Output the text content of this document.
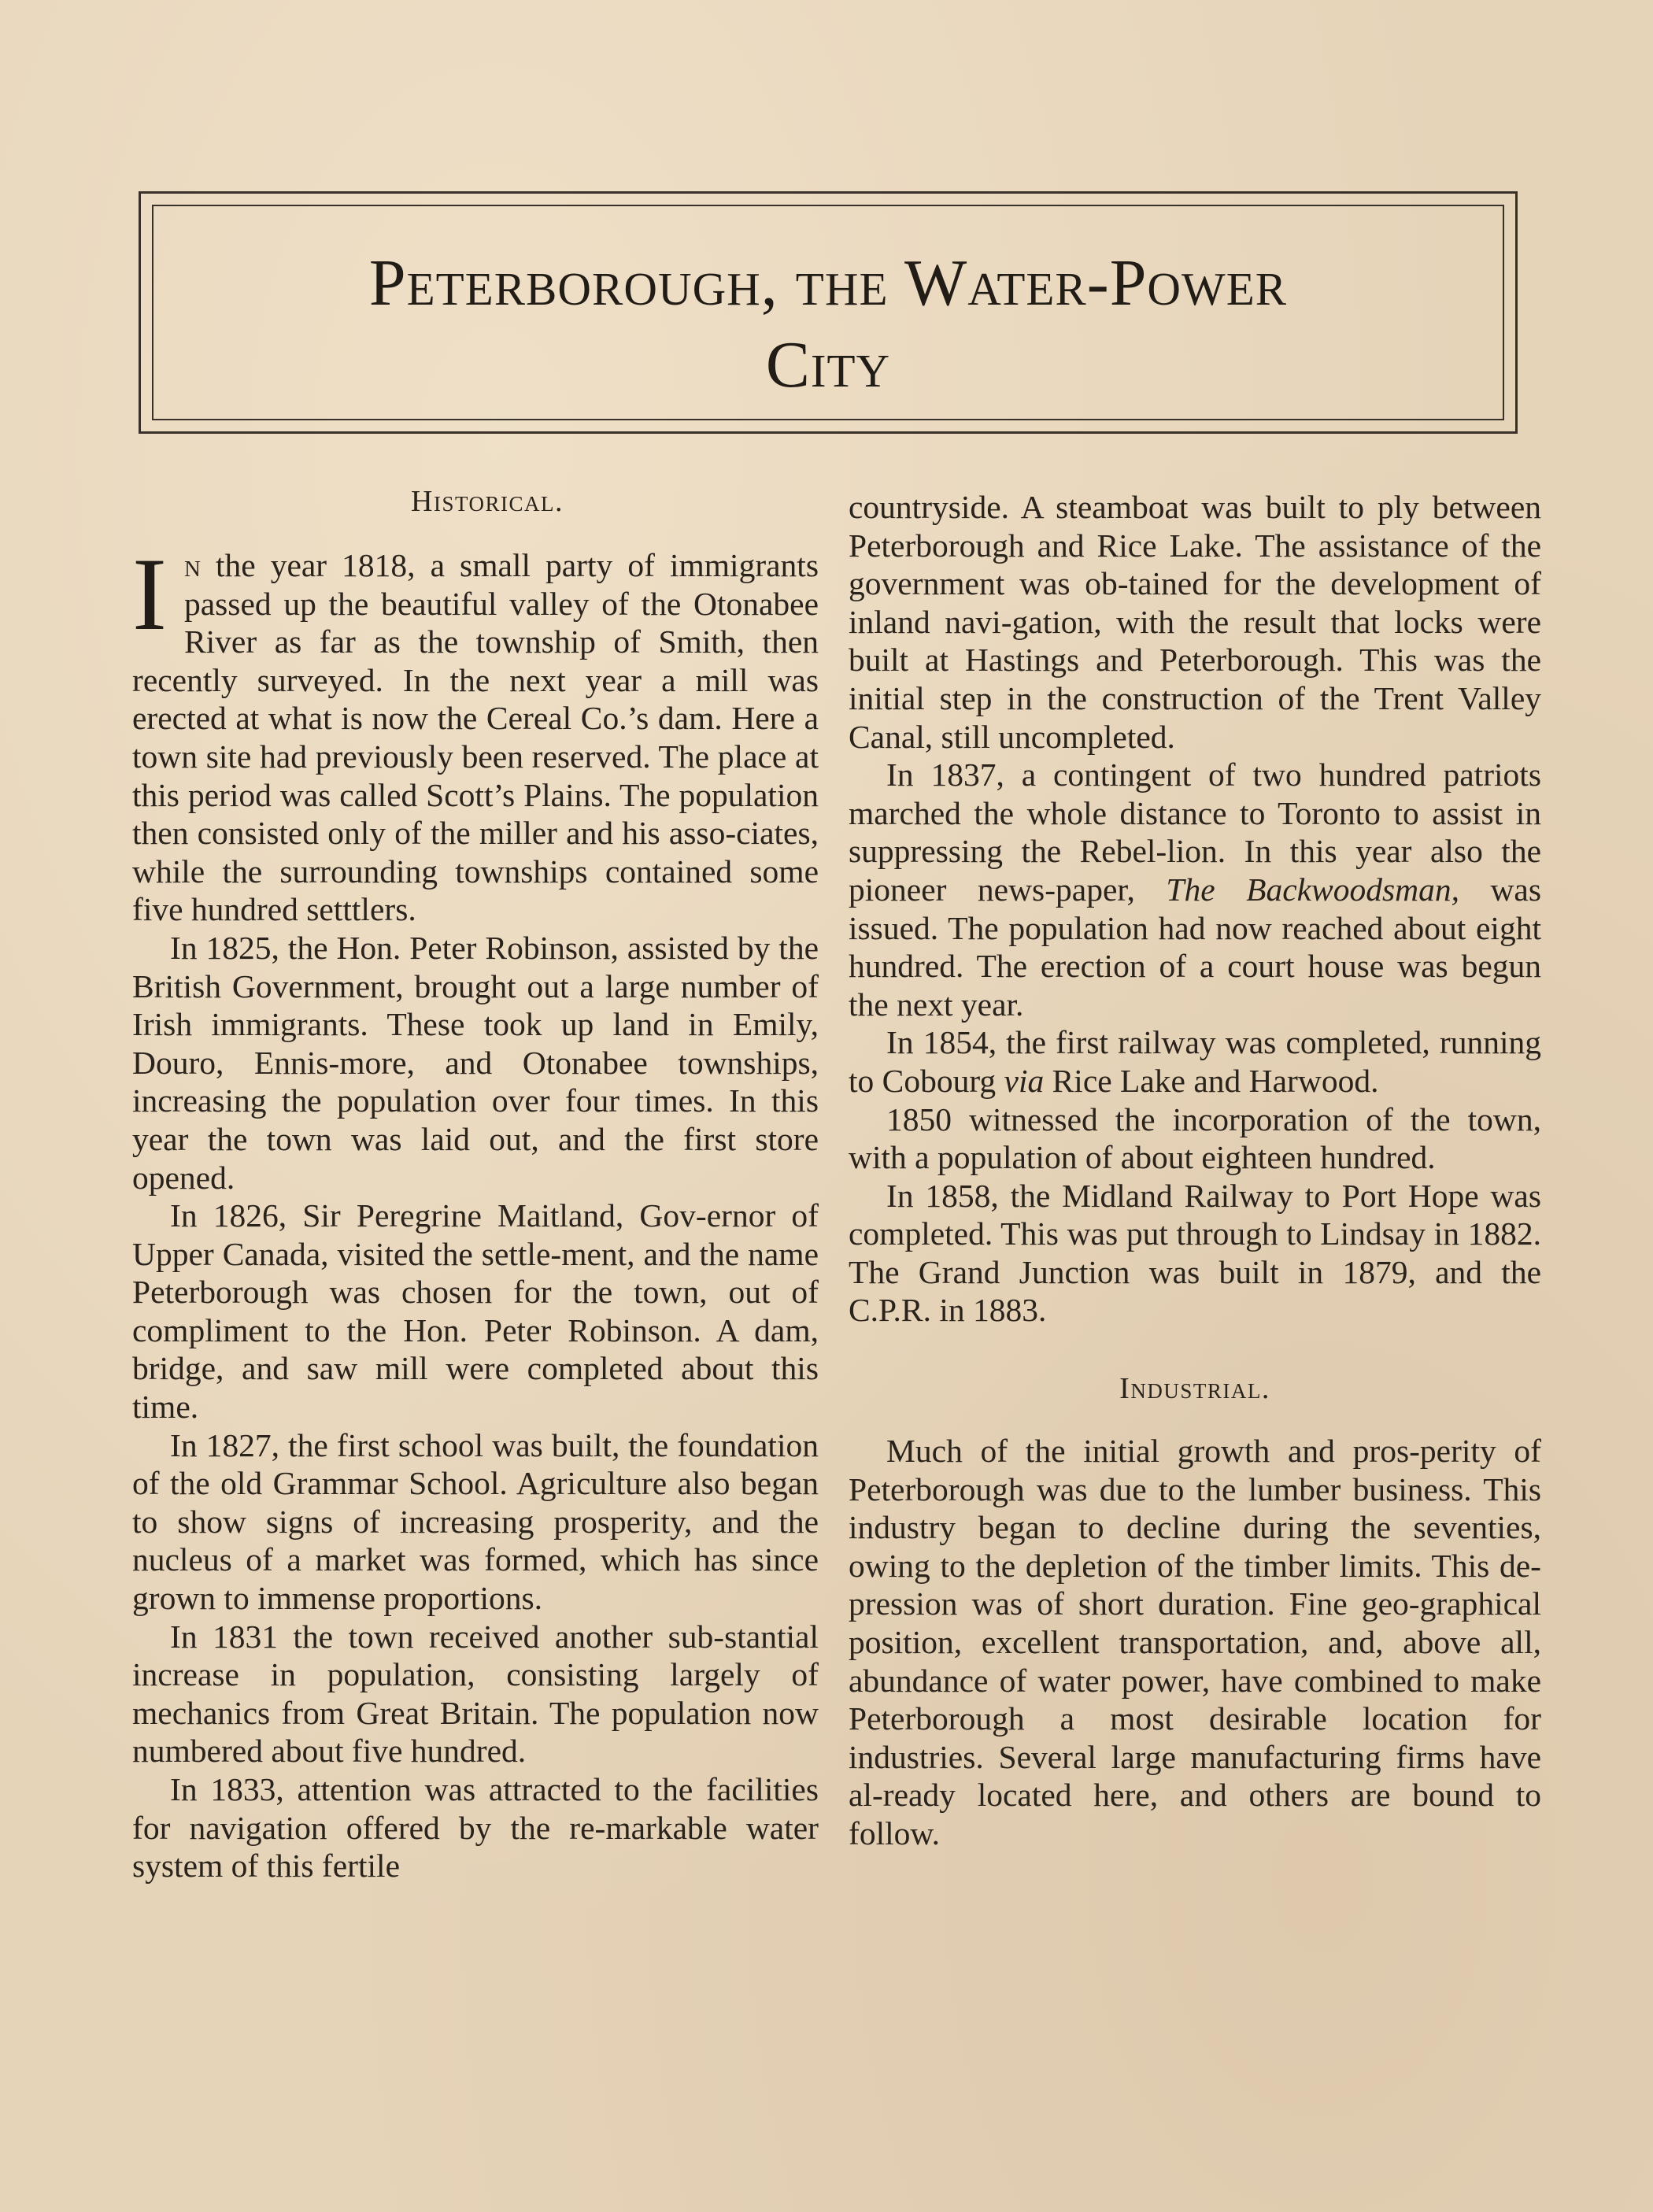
Peterborough, the Water-Power
City
Historical.

In the year 1818, a small party of immigrants passed up the beautiful valley of the Otonabee River as far as the township of Smith, then recently surveyed. In the next year a mill was erected at what is now the Cereal Co.’s dam. Here a town site had previously been reserved. The place at this period was called Scott’s Plains. The population then consisted only of the miller and his asso-ciates, while the surrounding townships contained some five hundred setttlers.

In 1825, the Hon. Peter Robinson, assisted by the British Government, brought out a large number of Irish immigrants. These took up land in Emily, Douro, Ennis-more, and Otonabee townships, increasing the population over four times. In this year the town was laid out, and the first store opened.

In 1826, Sir Peregrine Maitland, Gov-ernor of Upper Canada, visited the settle-ment, and the name Peterborough was chosen for the town, out of compliment to the Hon. Peter Robinson. A dam, bridge, and saw mill were completed about this time.

In 1827, the first school was built, the foundation of the old Grammar School. Agriculture also began to show signs of increasing prosperity, and the nucleus of a market was formed, which has since grown to immense proportions.

In 1831 the town received another sub-stantial increase in population, consisting largely of mechanics from Great Britain. The population now numbered about five hundred.

In 1833, attention was attracted to the facilities for navigation offered by the re-markable water system of this fertile

countryside. A steamboat was built to ply between Peterborough and Rice Lake. The assistance of the government was ob-tained for the development of inland navi-gation, with the result that locks were built at Hastings and Peterborough. This was the initial step in the construction of the Trent Valley Canal, still uncompleted.

In 1837, a contingent of two hundred patriots marched the whole distance to Toronto to assist in suppressing the Rebel-lion. In this year also the pioneer news-paper, The Backwoodsman, was issued. The population had now reached about eight hundred. The erection of a court house was begun the next year.

In 1854, the first railway was completed, running to Cobourg via Rice Lake and Harwood.

1850 witnessed the incorporation of the town, with a population of about eighteen hundred.

In 1858, the Midland Railway to Port Hope was completed. This was put through to Lindsay in 1882. The Grand Junction was built in 1879, and the C.P.R. in 1883.

Industrial.

Much of the initial growth and pros-perity of Peterborough was due to the lumber business. This industry began to decline during the seventies, owing to the depletion of the timber limits. This de-pression was of short duration. Fine geo-graphical position, excellent transportation, and, above all, abundance of water power, have combined to make Peterborough a most desirable location for industries. Several large manufacturing firms have al-ready located here, and others are bound to follow.
